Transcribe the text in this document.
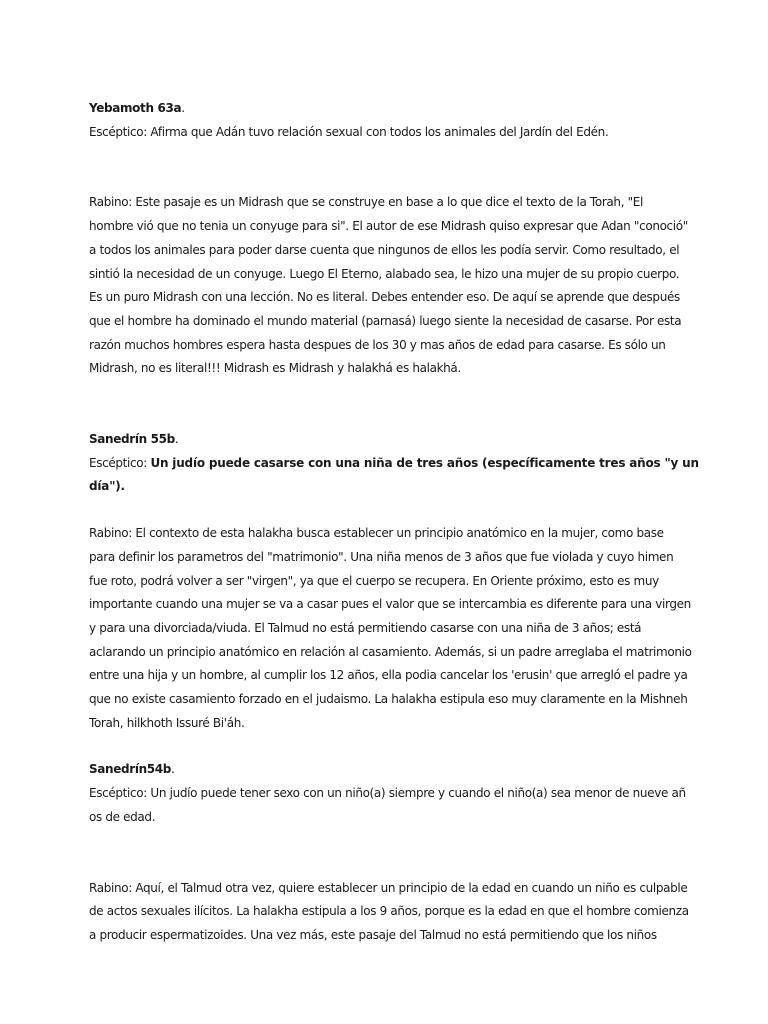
Yebamoth 63a.

Escéptico: Afirma que Adán tuvo relación sexual con todos los animales del Jardín del Edén.

Rabino: Este pasaje es un Midrash que se construye en base a lo que dice el texto de la Torah, "El
hombre vió que no tenia un conyuge para si". El autor de ese Midrash quiso expresar que Adan "conoció"
a todos los animales para poder darse cuenta que ningunos de ellos les podía servir. Como resultado, el
sintió la necesidad de un conyuge. Luego El Eterno, alabado sea, le hizo una mujer de su propio cuerpo.
Es un puro Midrash con una lección. No es literal. Debes entender eso. De aquí se aprende que después
que el hombre ha dominado el mundo material (parnasá) luego siente la necesidad de casarse. Por esta
razón muchos hombres espera hasta despues de los 30 y mas años de edad para casarse. Es sólo un
Midrash, no es literal!!! Midrash es Midrash y halakhá es halakhá.

Sanedrín 55b.

Escéptico: Un judío puede casarse con una niña de tres años (específicamente tres años "y un
día").

Rabino: El contexto de esta halakha busca establecer un principio anatómico en la mujer, como base
para definir los parametros del "matrimonio". Una niña menos de 3 años que fue violada y cuyo himen
fue roto, podrá volver a ser "virgen", ya que el cuerpo se recupera. En Oriente próximo, esto es muy
importante cuando una mujer se va a casar pues el valor que se intercambia es diferente para una virgen
y para una divorciada/viuda. El Talmud no está permitiendo casarse con una niña de 3 años; está
aclarando un principio anatómico en relación al casamiento. Además, si un padre arreglaba el matrimonio
entre una hija y un hombre, al cumplir los 12 años, ella podia cancelar los 'erusin' que arregló el padre ya
que no existe casamiento forzado en el judaismo. La halakha estipula eso muy claramente en la Mishneh
Torah, hilkhoth Issuré Bi'áh.

Sanedrín54b.

Escéptico: Un judío puede tener sexo con un niño(a) siempre y cuando el niño(a) sea menor de nueve añ
os de edad.

Rabino: Aquí, el Talmud otra vez, quiere establecer un principio de la edad en cuando un niño es culpable
de actos sexuales ilícitos. La halakha estipula a los 9 años, porque es la edad en que el hombre comienza
a producir espermatizoides. Una vez más, este pasaje del Talmud no está permitiendo que los niños
